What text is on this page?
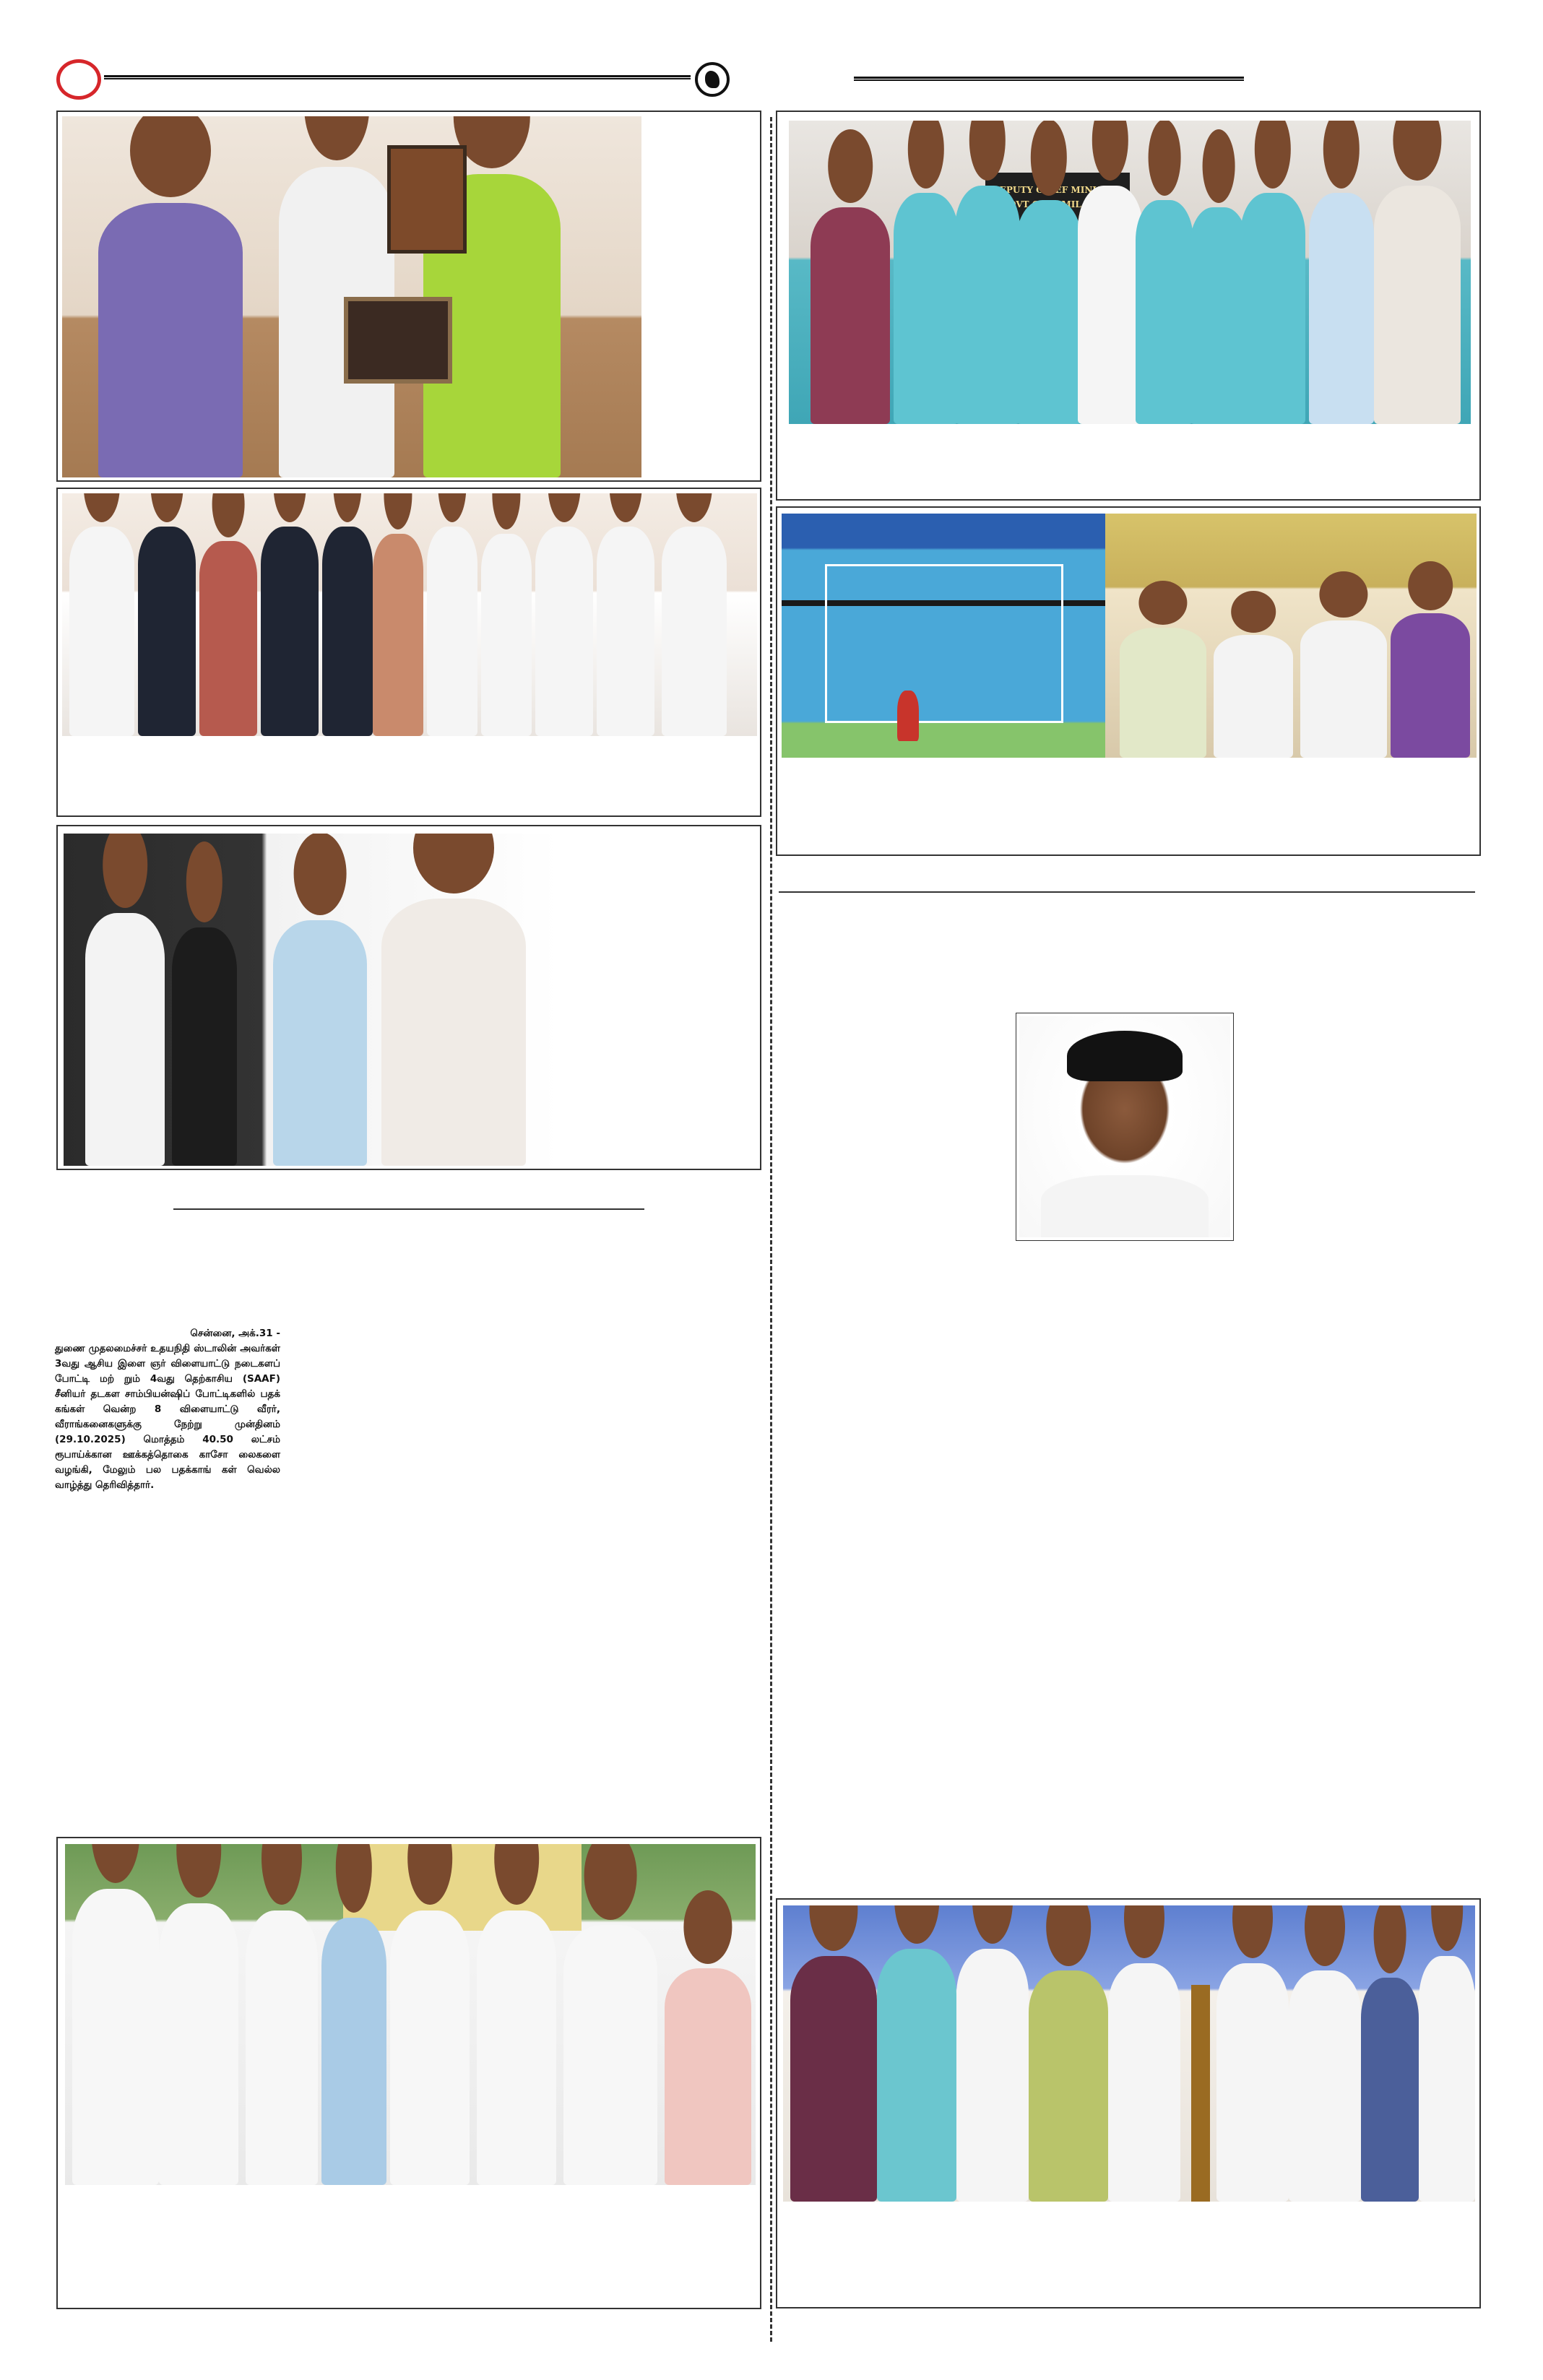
சென்னை, அக்.31 -

துணை முதலமைச்சர் உதயநிதி ஸ்டாலின் அவர்கள் 3வது ஆசிய இளை ஞர் விளையாட்டு நடைகளப் போட்டி மற் றும் 4வது தெற்காசிய (SAAF) சீனியர் தடகள சாம்பியன்ஷிப் போட்டிகளில் பதக் கங்கள் வென்ற 8 விளையாட்டு வீரர், வீராங்கனைகளுக்கு நேற்று முன்தினம் (29.10.2025) மொத்தம் 40.50 லட்சம் ரூபாய்க்கான ஊக்கத்தொகை காசோ லைகளை வழங்கி, மேலும் பல பதக்காங் கள் வெல்ல வாழ்த்து தெரிவித்தார்.

DEPUTY
